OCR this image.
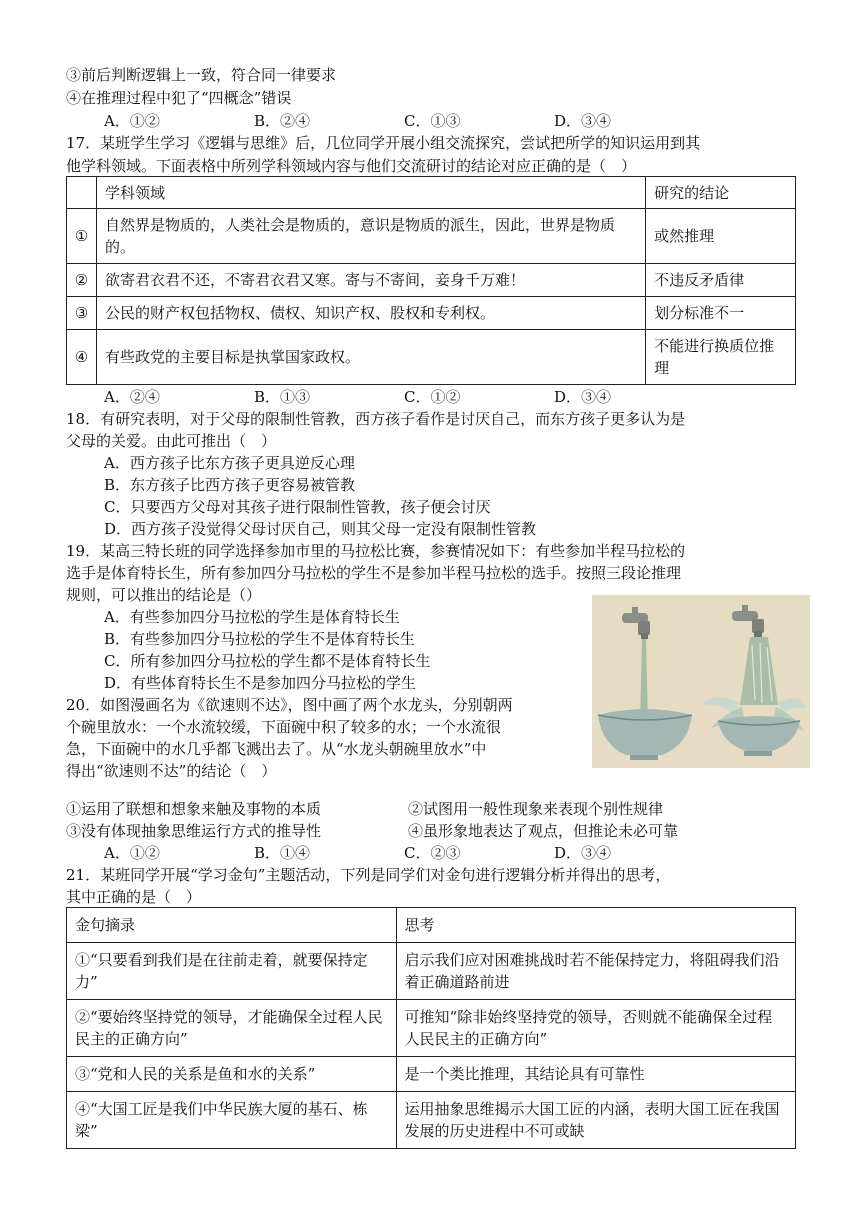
③前后判断逻辑上一致，符合同一律要求
④在推理过程中犯了“四概念”错误
A．①②	B．②④	C．①③	D．③④
17．某班学生学习《逻辑与思维》后，几位同学开展小组交流探究，尝试把所学的知识运用到其
他学科领域。下面表格中所列学科领域内容与他们交流研讨的结论对应正确的是（　）
	学科领域	研究的结论
①	自然界是物质的，人类社会是物质的，意识是物质的派生，因此，世界是物质的。	或然推理
②	欲寄君衣君不还，不寄君衣君又寒。寄与不寄间，妾身千万难！	不违反矛盾律
③	公民的财产权包括物权、债权、知识产权、股权和专利权。	划分标准不一
④	有些政党的主要目标是执掌国家政权。	不能进行换质位推理
A．②④	B．①③	C．①②	D．③④
18．有研究表明，对于父母的限制性管教，西方孩子看作是讨厌自己，而东方孩子更多认为是
父母的关爱。由此可推出（　）
A．西方孩子比东方孩子更具逆反心理
B．东方孩子比西方孩子更容易被管教
C．只要西方父母对其孩子进行限制性管教，孩子便会讨厌
D．西方孩子没觉得父母讨厌自己，则其父母一定没有限制性管教
19．某高三特长班的同学选择参加市里的马拉松比赛，参赛情况如下：有些参加半程马拉松的
选手是体育特长生，所有参加四分马拉松的学生不是参加半程马拉松的选手。按照三段论推理
规则，可以推出的结论是（）
A．有些参加四分马拉松的学生是体育特长生
B．有些参加四分马拉松的学生不是体育特长生
C．所有参加四分马拉松的学生都不是体育特长生
D．有些体育特长生不是参加四分马拉松的学生
20．如图漫画名为《欲速则不达》，图中画了两个水龙头，分别朝两
个碗里放水：一个水流较缓，下面碗中积了较多的水；一个水流很
急，下面碗中的水几乎都飞溅出去了。从“水龙头朝碗里放水”中
得出“欲速则不达”的结论（　）
①运用了联想和想象来触及事物的本质	②试图用一般性现象来表现个别性规律
③没有体现抽象思维运行方式的推导性	④虽形象地表达了观点，但推论未必可靠
A．①②	B．①④	C．②③	D．③④
21．某班同学开展“学习金句”主题活动，下列是同学们对金句进行逻辑分析并得出的思考，
其中正确的是（　）
金句摘录	思考
①“只要看到我们是在往前走着，就要保持定力”	启示我们应对困难挑战时若不能保持定力，将阻碍我们沿着正确道路前进
②“要始终坚持党的领导，才能确保全过程人民民主的正确方向”	可推知“除非始终坚持党的领导，否则就不能确保全过程人民民主的正确方向”
③“党和人民的关系是鱼和水的关系”	是一个类比推理，其结论具有可靠性
④“大国工匠是我们中华民族大厦的基石、栋梁”	运用抽象思维揭示大国工匠的内涵，表明大国工匠在我国发展的历史进程中不可或缺
